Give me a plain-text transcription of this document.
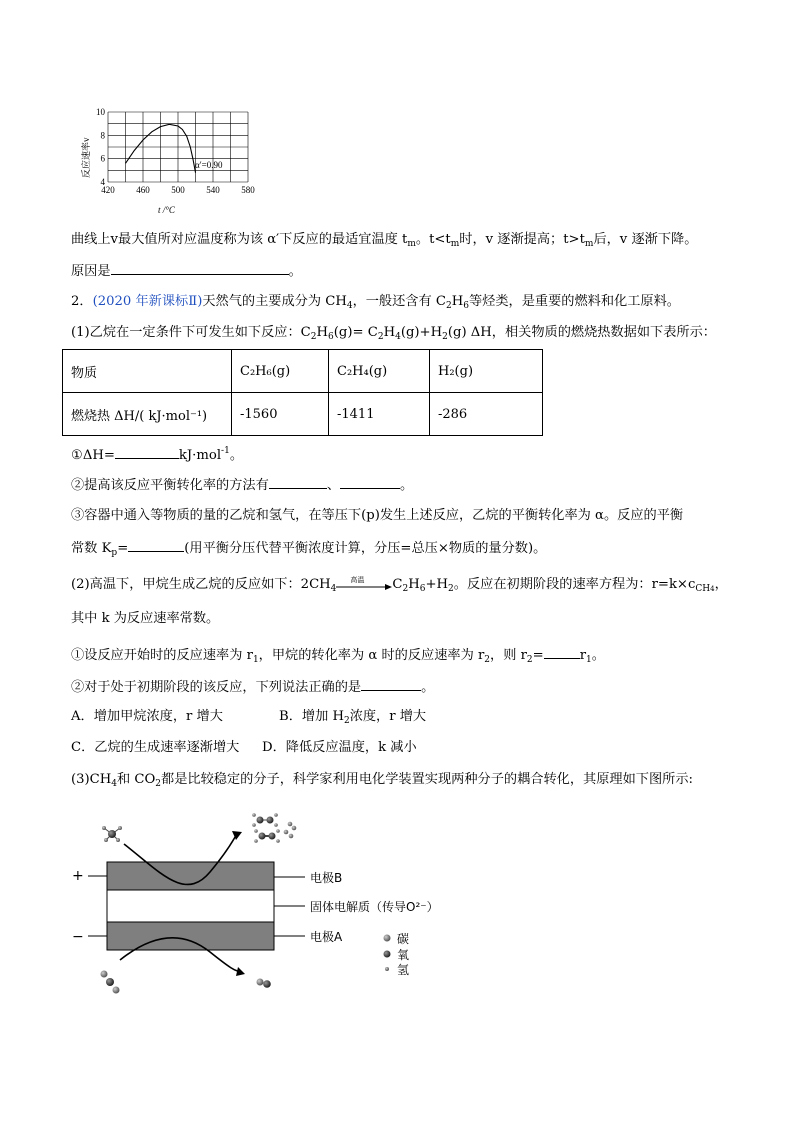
420 460 500 540 580
4
6
8
10
反应速率v	α′=0.90
t /°C
曲线上v最大值所对应温度称为该 α′下反应的最适宜温度 $t_m$。$t<t_m$时，v 逐渐提高；$t>t_m$后，v 逐渐下降。
原因是	。
2．(2020 年新课标Ⅱ)天然气的主要成分为 $CH_4$，一般还含有 $C_2H_6$等烃类，是重要的燃料和化工原料。
(1)乙烷在一定条件下可发生如下反应：$C_2H_6(g)= C_2H_4(g)+H_2(g)$ ΔH，相关物质的燃烧热数据如下表所示：
物质	C₂H₆(g)	C₂H₄(g)	H₂(g)
燃烧热 ΔH/( kJ·mol⁻¹)	-1560	-1411	-286
①ΔH=	kJ·mol$^{-1}$。
②提高该反应平衡转化率的方法有	、	。
③容器中通入等物质的量的乙烷和氢气，在等压下(p)发生上述反应，乙烷的平衡转化率为 α。反应的平衡
常数 $K_p=$	(用平衡分压代替平衡浓度计算，分压=总压×物质的量分数)。
(2)高温下，甲烷生成乙烷的反应如下：$2CH_4$
高温 $C_2H_6+H_2$。反应在初期阶段的速率方程为：$r=k\times c_{CH4}$，
其中 k 为反应速率常数。
①设反应开始时的反应速率为 $r_1$，甲烷的转化率为 α 时的反应速率为 $r_2$，则 $r_2=$	$r_1$。
②对于处于初期阶段的该反应，下列说法正确的是	。
A．增加甲烷浓度，r 增大	B．增加 $H_2$浓度，r 增大
C．乙烷的生成速率逐渐增大 D．降低反应温度，k 减小
$(3)CH_4$和 $CO_2$都是比较稳定的分子，科学家利用电化学装置实现两种分子的耦合转化，其原理如下图所示:
+
−
电极B
固体电解质（传导O²⁻）
电极A	碳
氧
氢
